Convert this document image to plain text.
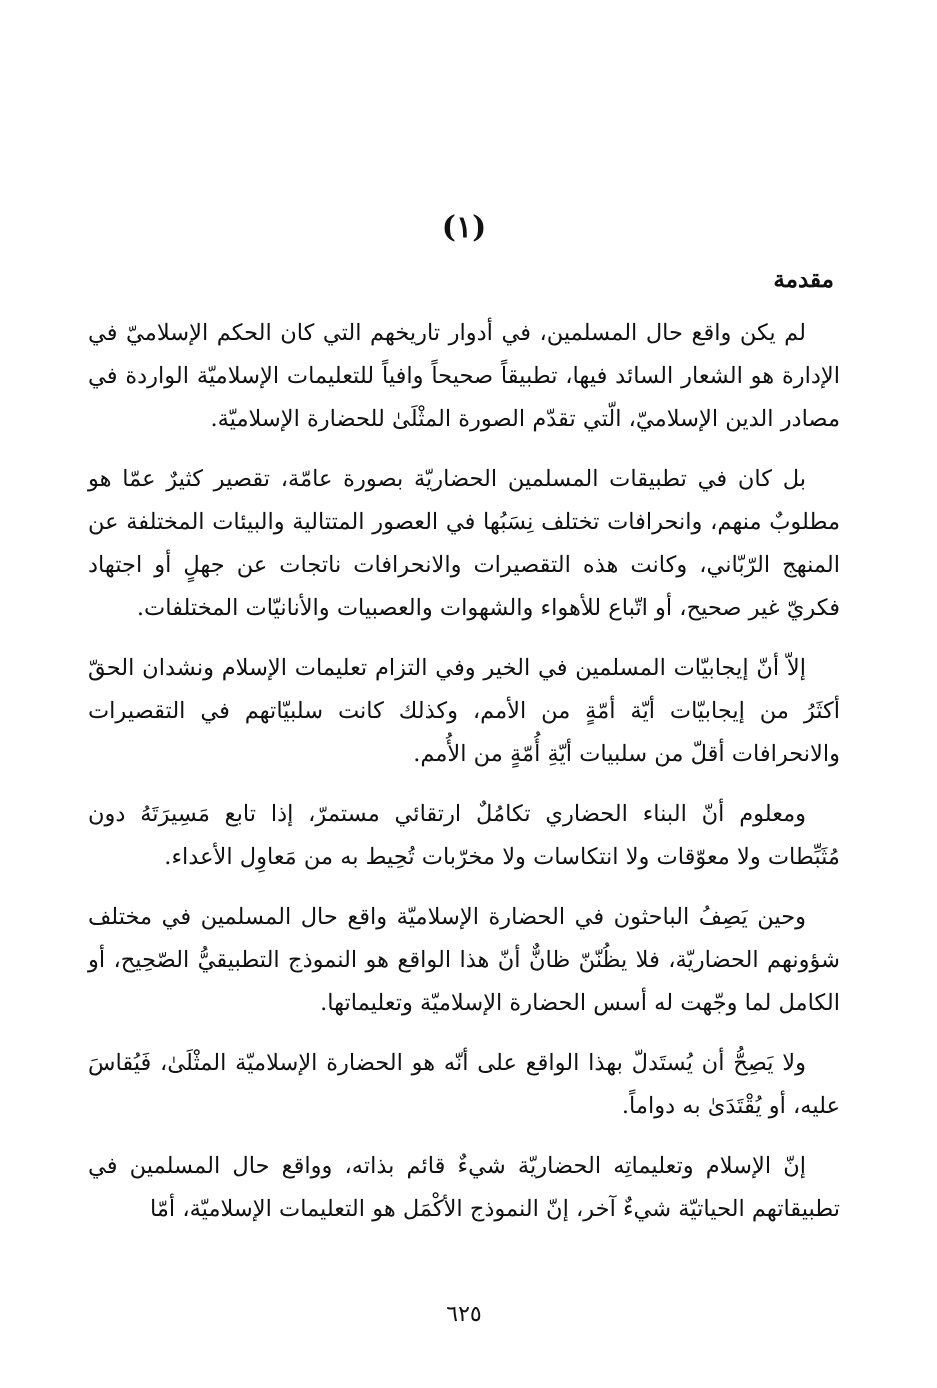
(١)
مقدمة

لم يكن واقع حال المسلمين، في أدوار تاريخهم التي كان الحكم الإسلاميّ في الإدارة هو الشعار السائد فيها، تطبيقاً صحيحاً وافياً للتعليمات الإسلاميّة الواردة في مصادر الدين الإسلاميّ، الّتي تقدّم الصورة المثْلَىٰ للحضارة الإسلاميّة.

بل كان في تطبيقات المسلمين الحضاريّة بصورة عامّة، تقصير كثيرٌ عمّا هو مطلوبٌ منهم، وانحرافات تختلف نِسَبُها في العصور المتتالية والبيئات المختلفة عن المنهج الرّبّاني، وكانت هذه التقصيرات والانحرافات ناتجات عن جهلٍ أو اجتهاد فكريّ غير صحيح، أو اتّباع للأهواء والشهوات والعصبيات والأنانيّات المختلفات.

إلاّ أنّ إيجابيّات المسلمين في الخير وفي التزام تعليمات الإسلام ونشدان الحقّ أكثَرُ من إيجابيّات أيّة أمّةٍ من الأمم، وكذلك كانت سلبيّاتهم في التقصيرات والانحرافات أقلّ من سلبيات أيّةِ أُمّةٍ من الأُمم.

ومعلوم أنّ البناء الحضاري تكامُلٌ ارتقائي مستمرّ، إذا تابع مَسِيرَتَهُ دون مُثَبِّطات ولا معوّقات ولا انتكاسات ولا مخرّبات تُحِيط به من مَعاوِل الأعداء.

وحين يَصِفُ الباحثون في الحضارة الإسلاميّة واقع حال المسلمين في مختلف شؤونهم الحضاريّة، فلا يظُنّنّ ظانٌّ أنّ هذا الواقع هو النموذج التطبيقيُّ الصّحِيح، أو الكامل لما وجّهت له أسس الحضارة الإسلاميّة وتعليماتها.

ولا يَصِحُّ أن يُستَدلّ بهذا الواقع على أنّه هو الحضارة الإسلاميّة المثْلَىٰ، فَيُقاسَ عليه، أو يُقْتَدَىٰ به دواماً.

إنّ الإسلام وتعليماتِه الحضاريّة شيءٌ قائم بذاته، وواقع حال المسلمين في تطبيقاتهم الحياتيّة شيءٌ آخر، إنّ النموذج الأكْمَل هو التعليمات الإسلاميّة، أمّا

٦٢٥
